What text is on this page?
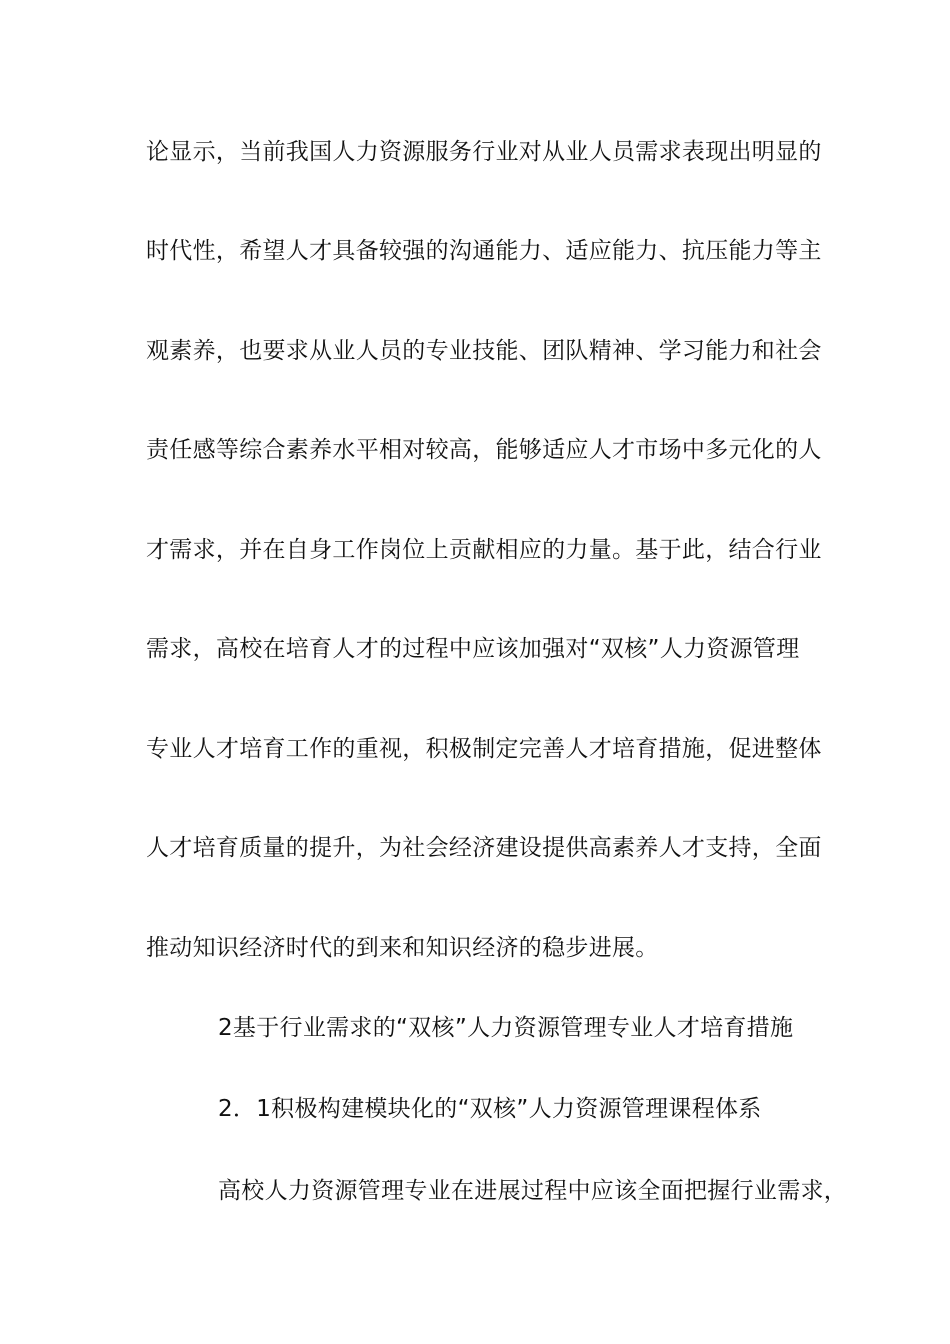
论显示，当前我国人力资源服务行业对从业人员需求表现出明显的
时代性，希望人才具备较强的沟通能力、适应能力、抗压能力等主
观素养，也要求从业人员的专业技能、团队精神、学习能力和社会
责任感等综合素养水平相对较高，能够适应人才市场中多元化的人
才需求，并在自身工作岗位上贡献相应的力量。基于此，结合行业
需求，高校在培育人才的过程中应该加强对“双核”人力资源管理
专业人才培育工作的重视，积极制定完善人才培育措施，促进整体
人才培育质量的提升，为社会经济建设提供高素养人才支持，全面
推动知识经济时代的到来和知识经济的稳步进展。
2基于行业需求的“双核”人力资源管理专业人才培育措施
2．1积极构建模块化的“双核”人力资源管理课程体系
高校人力资源管理专业在进展过程中应该全面把握行业需求，
